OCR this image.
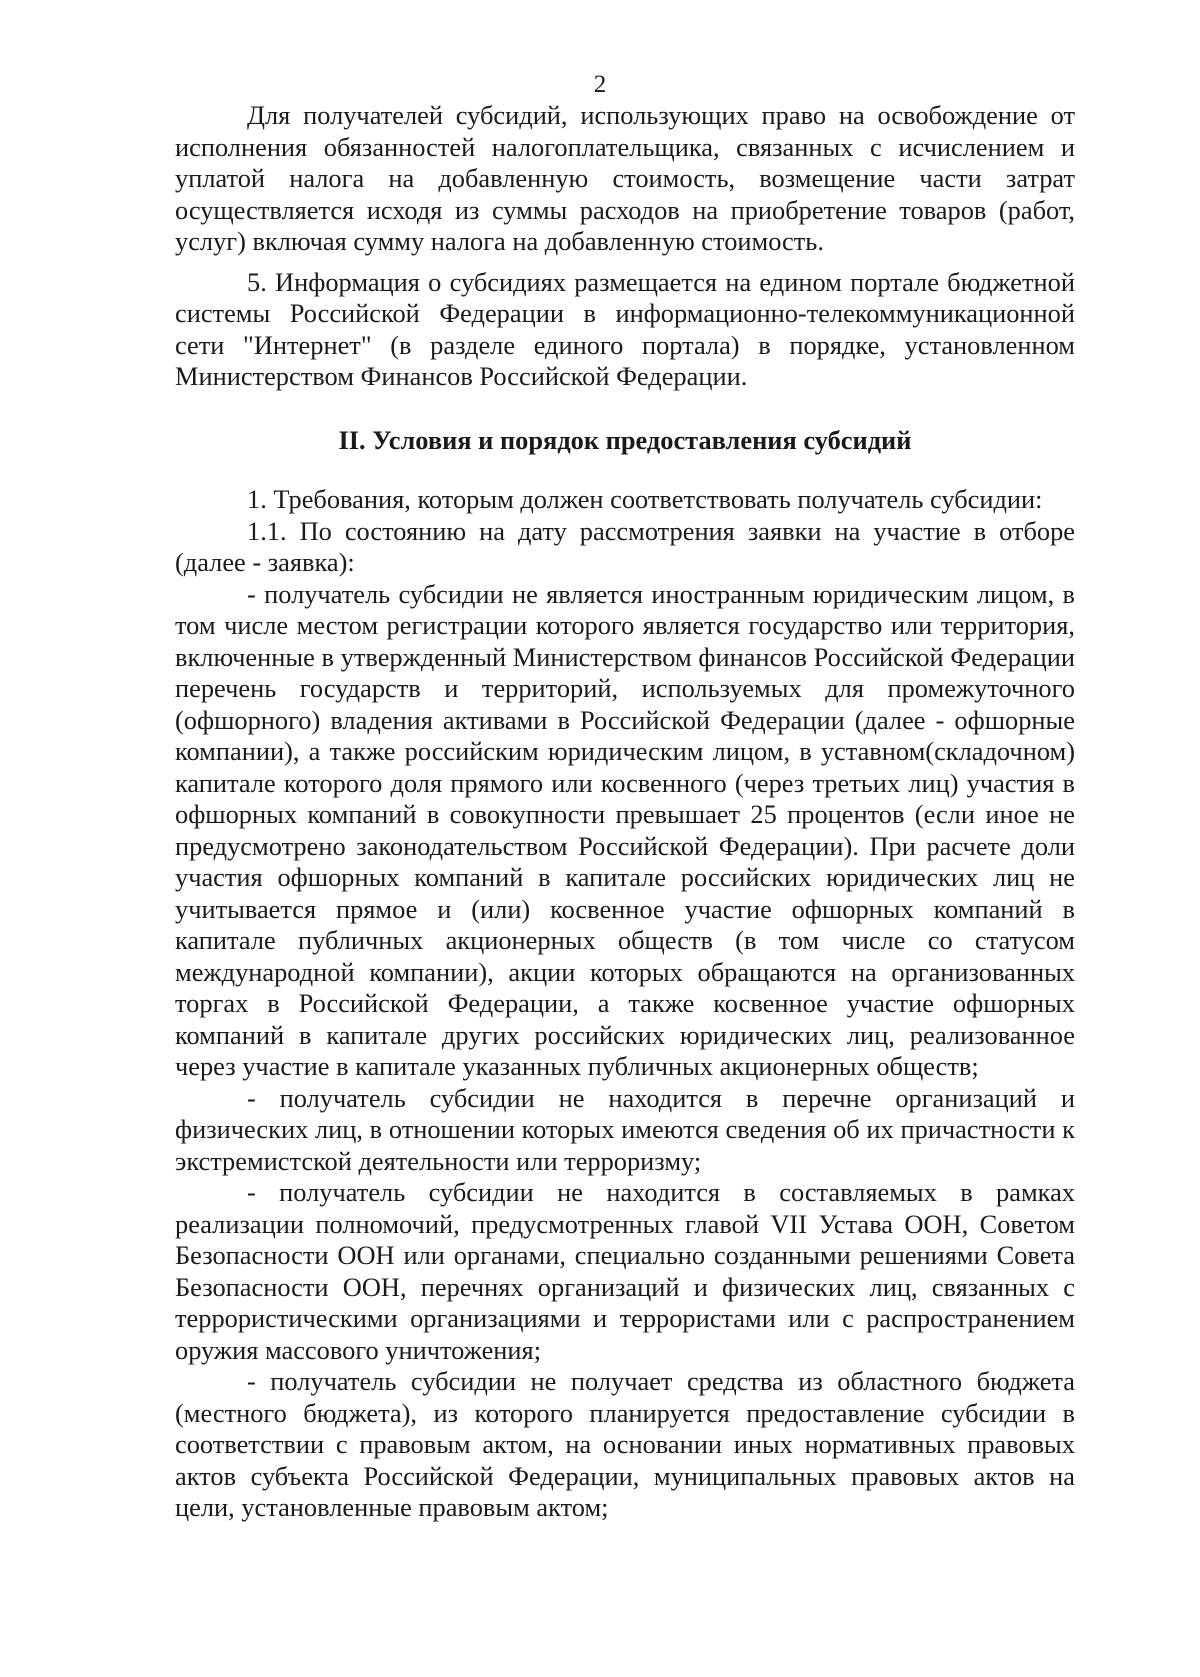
2

Для получателей субсидий, использующих право на освобождение от исполнения обязанностей налогоплательщика, связанных с исчислением и уплатой налога на добавленную стоимость, возмещение части затрат осуществляется исходя из суммы расходов на приобретение товаров (работ, услуг) включая сумму налога на добавленную стоимость.

5. Информация о субсидиях размещается на едином портале бюджетной системы Российской Федерации в информационно-телекоммуникационной сети "Интернет" (в разделе единого портала) в порядке, установленном Министерством Финансов Российской Федерации.

II. Условия и порядок предоставления субсидий

1. Требования, которым должен соответствовать получатель субсидии:

1.1. По состоянию на дату рассмотрения заявки на участие в отборе (далее - заявка):

- получатель субсидии не является иностранным юридическим лицом, в том числе местом регистрации которого является государство или территория, включенные в утвержденный Министерством финансов Российской Федерации перечень государств и территорий, используемых для промежуточного (офшорного) владения активами в Российской Федерации (далее - офшорные компании), а также российским юридическим лицом, в уставном(складочном) капитале которого доля прямого или косвенного (через третьих лиц) участия в офшорных компаний в совокупности превышает 25 процентов (если иное не предусмотрено законодательством Российской Федерации). При расчете доли участия офшорных компаний в капитале российских юридических лиц не учитывается прямое и (или) косвенное участие офшорных компаний в капитале публичных акционерных обществ (в том числе со статусом международной компании), акции которых обращаются на организованных торгах в Российской Федерации, а также косвенное участие офшорных компаний в капитале других российских юридических лиц, реализованное через участие в капитале указанных публичных акционерных обществ;

- получатель субсидии не находится в перечне организаций и физических лиц, в отношении которых имеются сведения об их причастности к экстремистской деятельности или терроризму;

- получатель субсидии не находится в составляемых в рамках реализации полномочий, предусмотренных главой VII Устава ООН, Советом Безопасности ООН или органами, специально созданными решениями Совета Безопасности ООН, перечнях организаций и физических лиц, связанных с террористическими организациями и террористами или с распространением оружия массового уничтожения;

- получатель субсидии не получает средства из областного бюджета (местного бюджета), из которого планируется предоставление субсидии в соответствии с правовым актом, на основании иных нормативных правовых актов субъекта Российской Федерации, муниципальных правовых актов на цели, установленные правовым актом;
